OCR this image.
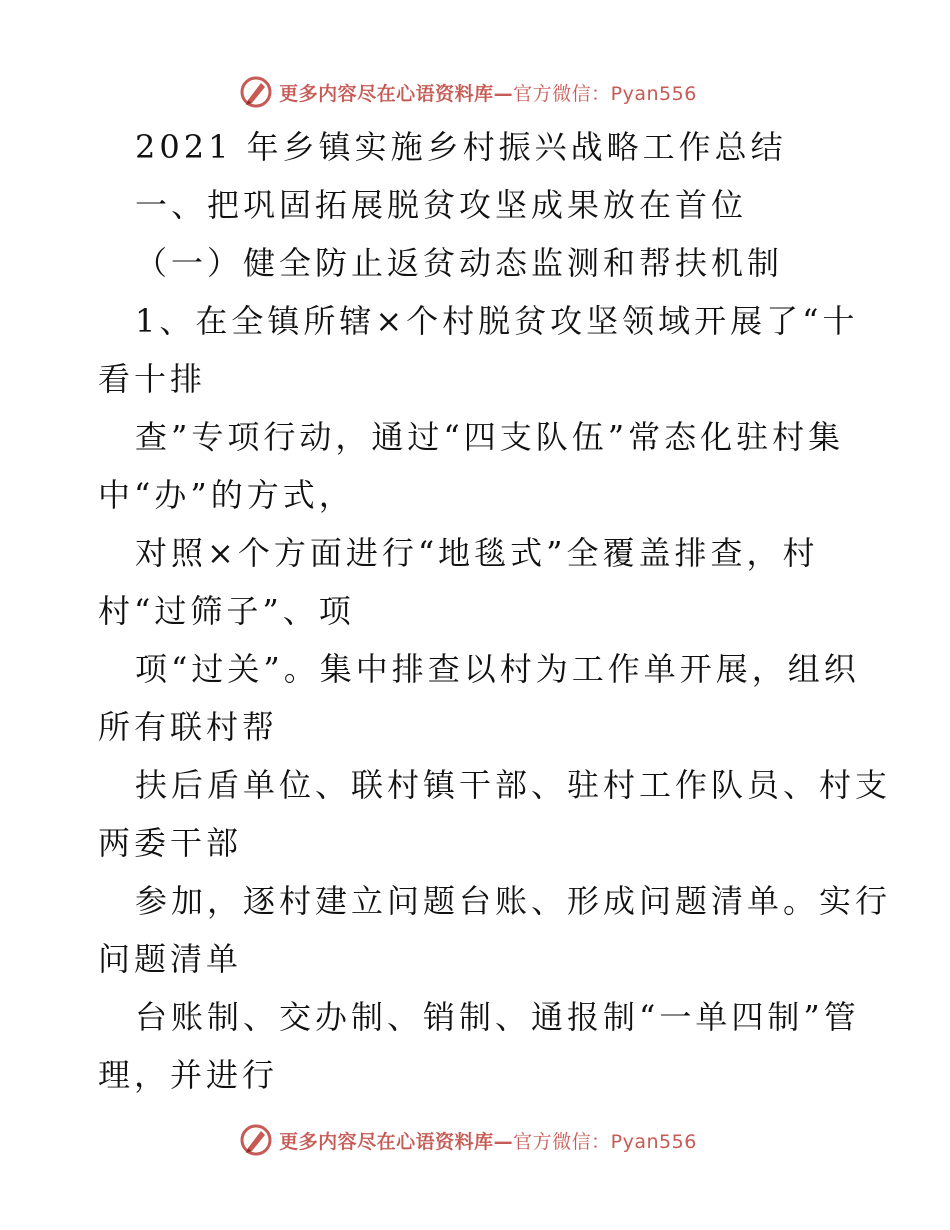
更多内容尽在心语资料库—官方微信：Pyan556
2021 年乡镇实施乡村振兴战略工作总结
一、把巩固拓展脱贫攻坚成果放在首位
（一）健全防止返贫动态监测和帮扶机制
1、在全镇所辖×个村脱贫攻坚领域开展了“十
看十排
查”专项行动，通过“四支队伍”常态化驻村集
中“办”的方式，
对照×个方面进行“地毯式”全覆盖排查，村
村“过筛子”、项
项“过关”。集中排查以村为工作单开展，组织
所有联村帮
扶后盾单位、联村镇干部、驻村工作队员、村支
两委干部
参加，逐村建立问题台账、形成问题清单。实行
问题清单
台账制、交办制、销制、通报制“一单四制”管
理，并进行
更多内容尽在心语资料库—官方微信：Pyan556
